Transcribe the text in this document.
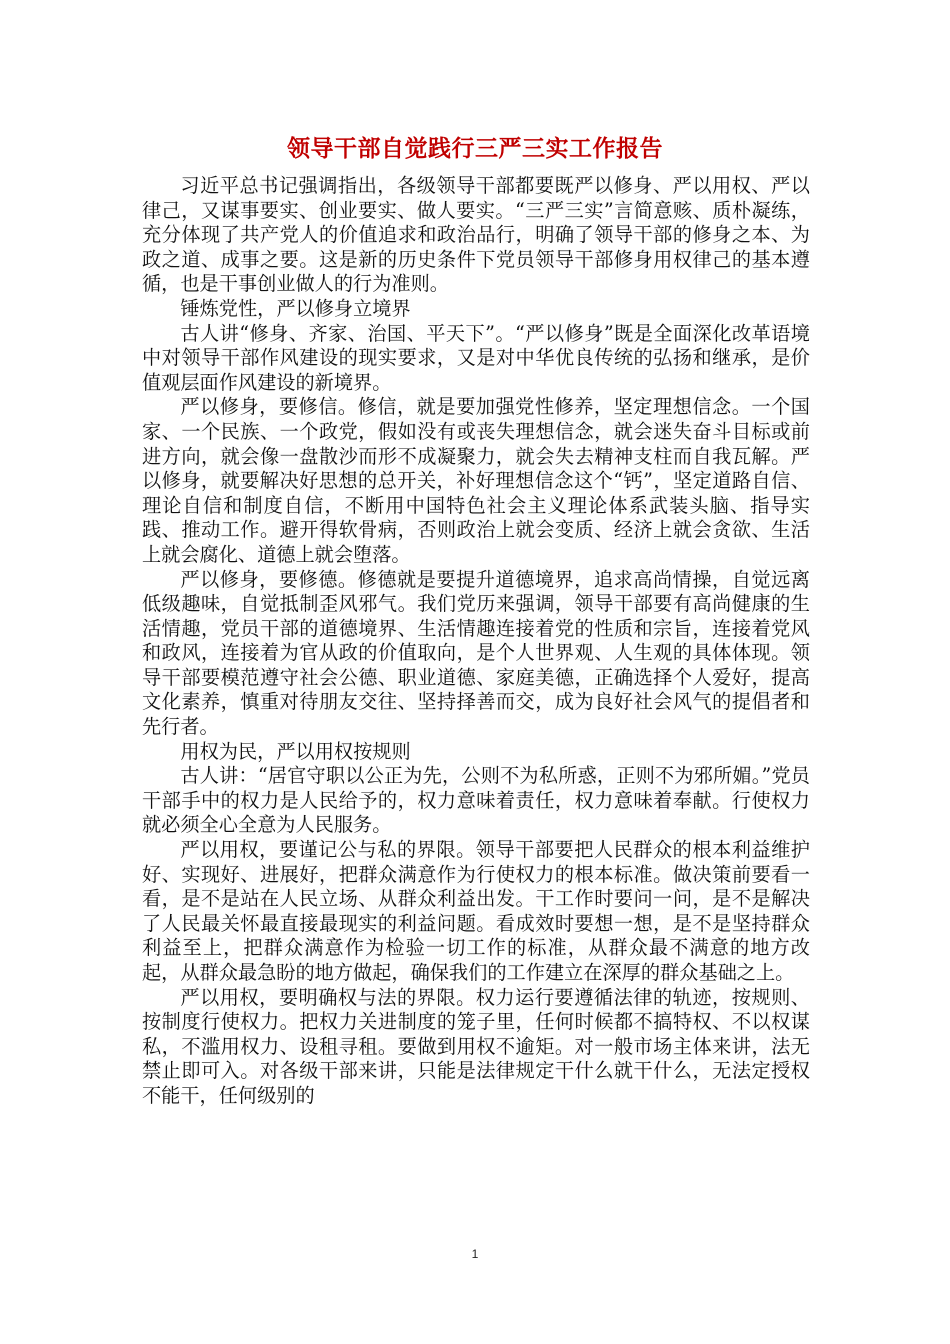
领导干部自觉践行三严三实工作报告

习近平总书记强调指出，各级领导干部都要既严以修身、严以用权、严以律己，又谋事要实、创业要实、做人要实。“三严三实”言简意赅、质朴凝练，充分体现了共产党人的价值追求和政治品行，明确了领导干部的修身之本、为政之道、成事之要。这是新的历史条件下党员领导干部修身用权律己的基本遵循，也是干事创业做人的行为准则。

锤炼党性，严以修身立境界

古人讲“修身、齐家、治国、平天下”。“严以修身”既是全面深化改革语境中对领导干部作风建设的现实要求，又是对中华优良传统的弘扬和继承，是价值观层面作风建设的新境界。

严以修身，要修信。修信，就是要加强党性修养，坚定理想信念。一个国家、一个民族、一个政党，假如没有或丧失理想信念，就会迷失奋斗目标或前进方向，就会像一盘散沙而形不成凝聚力，就会失去精神支柱而自我瓦解。严以修身，就要解决好思想的总开关，补好理想信念这个“钙”，坚定道路自信、理论自信和制度自信，不断用中国特色社会主义理论体系武装头脑、指导实践、推动工作。避开得软骨病，否则政治上就会变质、经济上就会贪欲、生活上就会腐化、道德上就会堕落。

严以修身，要修德。修德就是要提升道德境界，追求高尚情操，自觉远离低级趣味，自觉抵制歪风邪气。我们党历来强调，领导干部要有高尚健康的生活情趣，党员干部的道德境界、生活情趣连接着党的性质和宗旨，连接着党风和政风，连接着为官从政的价值取向，是个人世界观、人生观的具体体现。领导干部要模范遵守社会公德、职业道德、家庭美德，正确选择个人爱好，提高文化素养，慎重对待朋友交往、坚持择善而交，成为良好社会风气的提倡者和先行者。

用权为民，严以用权按规则

古人讲：“居官守职以公正为先，公则不为私所惑，正则不为邪所媚。”党员干部手中的权力是人民给予的，权力意味着责任，权力意味着奉献。行使权力就必须全心全意为人民服务。

严以用权，要谨记公与私的界限。领导干部要把人民群众的根本利益维护好、实现好、进展好，把群众满意作为行使权力的根本标准。做决策前要看一看，是不是站在人民立场、从群众利益出发。干工作时要问一问，是不是解决了人民最关怀最直接最现实的利益问题。看成效时要想一想，是不是坚持群众利益至上，把群众满意作为检验一切工作的标准，从群众最不满意的地方改起，从群众最急盼的地方做起，确保我们的工作建立在深厚的群众基础之上。

严以用权，要明确权与法的界限。权力运行要遵循法律的轨迹，按规则、按制度行使权力。把权力关进制度的笼子里，任何时候都不搞特权、不以权谋私，不滥用权力、设租寻租。要做到用权不逾矩。对一般市场主体来讲，法无禁止即可入。对各级干部来讲，只能是法律规定干什么就干什么，无法定授权不能干，任何级别的

1
